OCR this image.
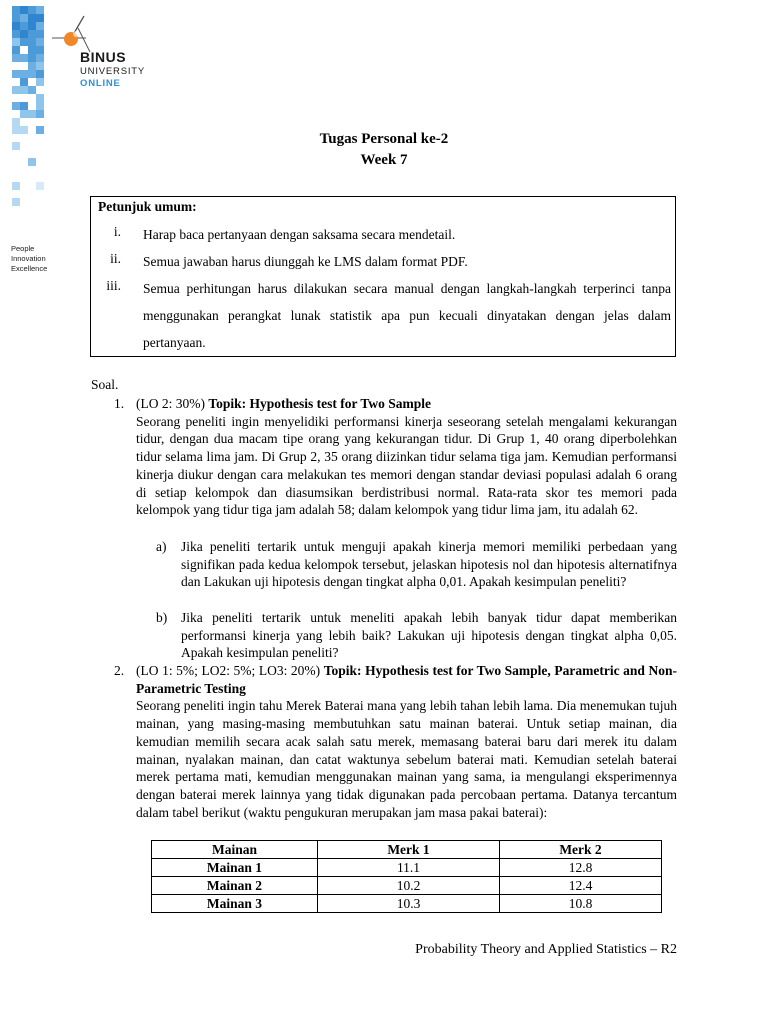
BINUS
UNIVERSITY
ONLINE
People
Innovation
Excellence
Tugas Personal ke-2
Week 7
Petunjuk umum:
i. Harap baca pertanyaan dengan saksama secara mendetail.
ii. Semua jawaban harus diunggah ke LMS dalam format PDF.
iii. Semua perhitungan harus dilakukan secara manual dengan langkah-langkah terperinci tanpa menggunakan perangkat lunak statistik apa pun kecuali dinyatakan dengan jelas dalam pertanyaan.
Soal.
1. (LO 2: 30%) Topik: Hypothesis test for Two Sample
Seorang peneliti ingin menyelidiki performansi kinerja seseorang setelah mengalami kekurangan tidur, dengan dua macam tipe orang yang kekurangan tidur. Di Grup 1, 40 orang diperbolehkan tidur selama lima jam. Di Grup 2, 35 orang diizinkan tidur selama tiga jam. Kemudian performansi kinerja diukur dengan cara melakukan tes memori dengan standar deviasi populasi adalah 6 orang di setiap kelompok dan diasumsikan berdistribusi normal. Rata-rata skor tes memori pada kelompok yang tidur tiga jam adalah 58; dalam kelompok yang tidur lima jam, itu adalah 62.
a) Jika peneliti tertarik untuk menguji apakah kinerja memori memiliki perbedaan yang signifikan pada kedua kelompok tersebut, jelaskan hipotesis nol dan hipotesis alternatifnya dan Lakukan uji hipotesis dengan tingkat alpha 0,01. Apakah kesimpulan peneliti?
b) Jika peneliti tertarik untuk meneliti apakah lebih banyak tidur dapat memberikan performansi kinerja yang lebih baik? Lakukan uji hipotesis dengan tingkat alpha 0,05. Apakah kesimpulan peneliti?
2. (LO 1: 5%; LO2: 5%; LO3: 20%) Topik: Hypothesis test for Two Sample, Parametric and Non-Parametric Testing
Seorang peneliti ingin tahu Merek Baterai mana yang lebih tahan lebih lama. Dia menemukan tujuh mainan, yang masing-masing membutuhkan satu mainan baterai. Untuk setiap mainan, dia kemudian memilih secara acak salah satu merek, memasang baterai baru dari merek itu dalam mainan, nyalakan mainan, dan catat waktunya sebelum baterai mati. Kemudian setelah baterai merek pertama mati, kemudian menggunakan mainan yang sama, ia mengulangi eksperimennya dengan baterai merek lainnya yang tidak digunakan pada percobaan pertama. Datanya tercantum dalam tabel berikut (waktu pengukuran merupakan jam masa pakai baterai):
Mainan	Merk 1	Merk 2
Mainan 1	11.1	12.8
Mainan 2	10.2	12.4
Mainan 3	10.3	10.8
Probability Theory and Applied Statistics – R2
